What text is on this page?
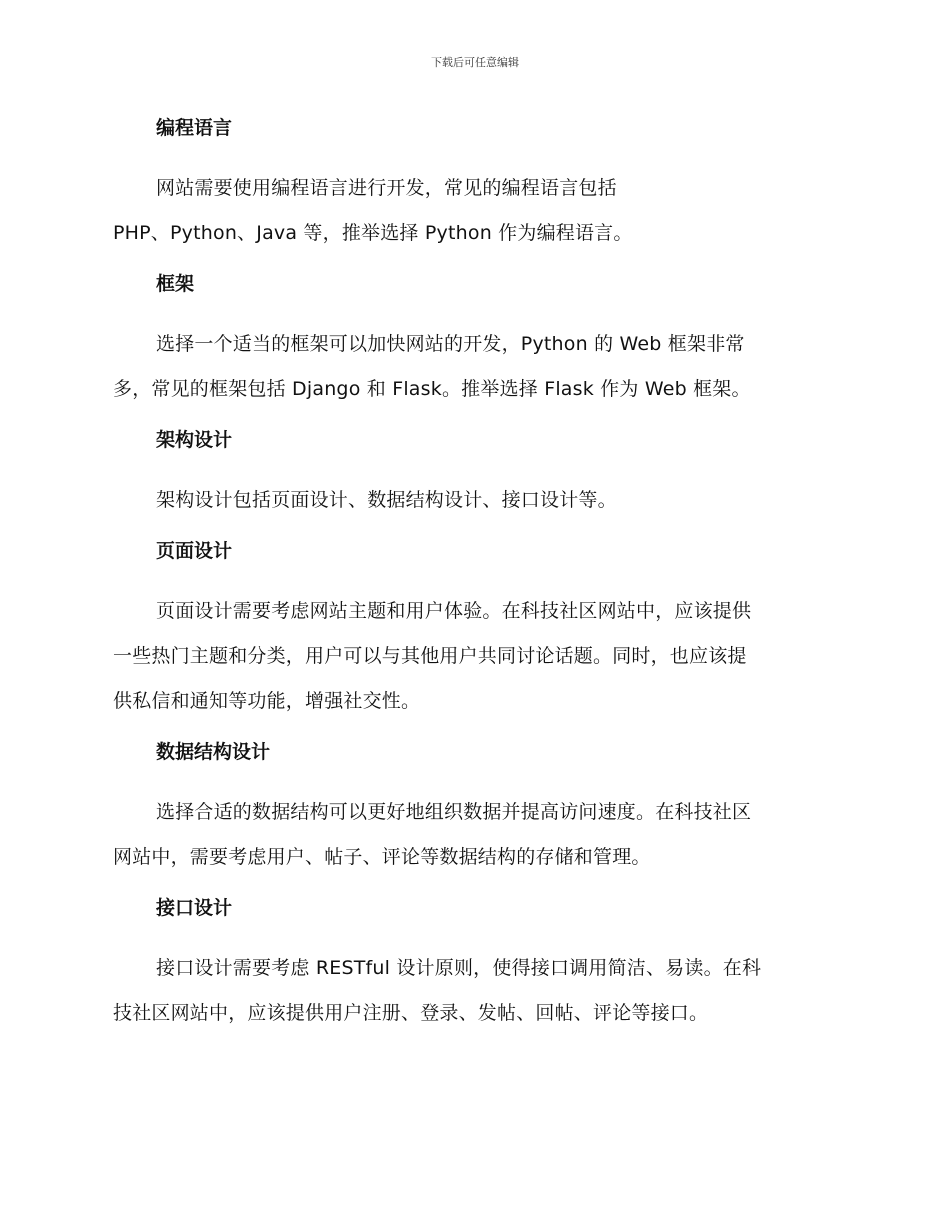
下载后可任意编辑
编程语言
网站需要使用编程语言进行开发，常见的编程语言包括
PHP、Python、Java 等，推举选择 Python 作为编程语言。
框架
选择一个适当的框架可以加快网站的开发，Python 的 Web 框架非常
多，常见的框架包括 Django 和 Flask。推举选择 Flask 作为 Web 框架。
架构设计
架构设计包括页面设计、数据结构设计、接口设计等。
页面设计
页面设计需要考虑网站主题和用户体验。在科技社区网站中，应该提供
一些热门主题和分类，用户可以与其他用户共同讨论话题。同时，也应该提
供私信和通知等功能，增强社交性。
数据结构设计
选择合适的数据结构可以更好地组织数据并提高访问速度。在科技社区
网站中，需要考虑用户、帖子、评论等数据结构的存储和管理。
接口设计
接口设计需要考虑 RESTful 设计原则，使得接口调用简洁、易读。在科
技社区网站中，应该提供用户注册、登录、发帖、回帖、评论等接口。
